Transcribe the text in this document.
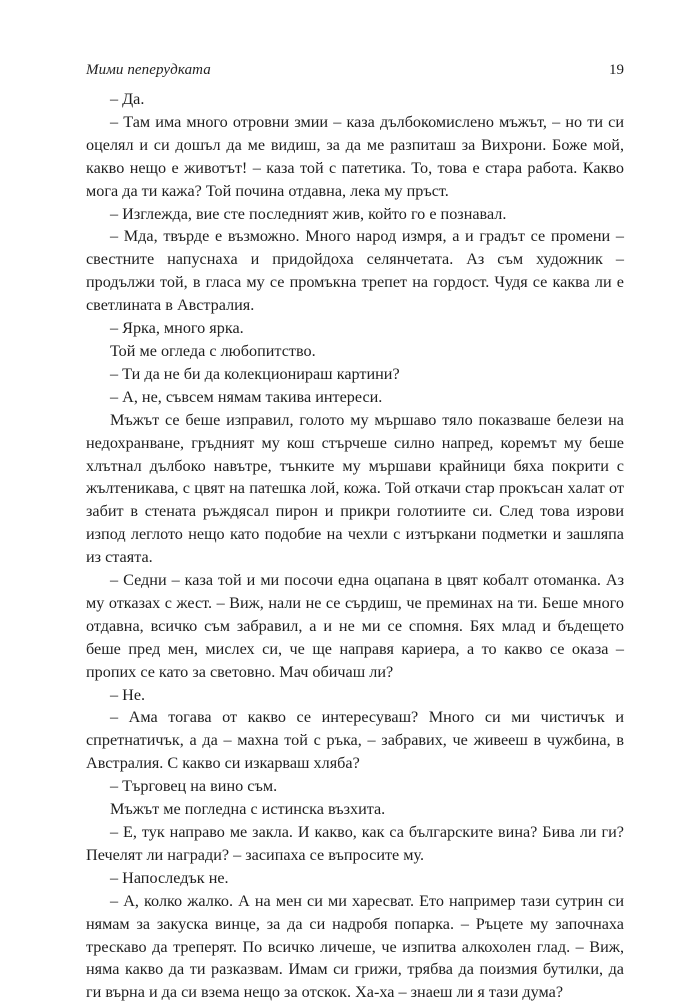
Мими пеперудката	19

– Да.

– Там има много отровни змии – каза дълбокомислено мъжът, – но ти си оцелял и си дошъл да ме видиш, за да ме разпиташ за Вихрони. Боже мой, какво нещо е животът! – каза той с патетика. То, това е стара работа. Какво мога да ти кажа? Той почина отдавна, лека му пръст.

– Изглежда, вие сте последният жив, който го е познавал.

– Мда, твърде е възможно. Много народ измря, а и градът се промени – свестните напуснаха и придойдоха селянчетата. Аз съм художник – продължи той, в гласа му се промъкна трепет на гордост. Чудя се каква ли е светлината в Австралия.

– Ярка, много ярка.

Той ме огледа с любопитство.

– Ти да не би да колекционираш картини?

– А, не, съвсем нямам такива интереси.

Мъжът се беше изправил, голото му мършаво тяло показваше белези на недохранване, гръдният му кош стърчеше силно напред, коремът му беше хлътнал дълбоко навътре, тънките му мършави крайници бяха покрити с жълтеникава, с цвят на патешка лой, кожа. Той откачи стар прокъсан халат от забит в стената ръждясал пирон и прикри голотиите си. След това изрови изпод леглото нещо като подобие на чехли с изтъркани подметки и зашляпа из стаята.

– Седни – каза той и ми посочи една оцапана в цвят кобалт отоманка. Аз му отказах с жест. – Виж, нали не се сърдиш, че преминах на ти. Беше много отдавна, всичко съм забравил, а и не ми се спомня. Бях млад и бъдещето беше пред мен, мислех си, че ще направя кариера, а то какво се оказа – пропих се като за световно. Мач обичаш ли?

– Не.

– Ама тогава от какво се интересуваш? Много си ми чистичък и спретнатичък, а да – махна той с ръка, – забравих, че живееш в чужбина, в Австралия. С какво си изкарваш хляба?

– Търговец на вино съм.

Мъжът ме погледна с истинска възхита.

– Е, тук направо ме закла. И какво, как са българските вина? Бива ли ги? Печелят ли награди? – засипаха се въпросите му.

– Напоследък не.

– А, колко жалко. А на мен си ми харесват. Ето например тази сутрин си нямам за закуска винце, за да си надробя попарка. – Ръцете му започнаха трескаво да треперят. По всичко личеше, че изпитва алкохолен глад. – Виж, няма какво да ти разказвам. Имам си грижи, трябва да поизмия бутилки, да ги върна и да си взема нещо за отскок. Ха-ха – знаеш ли я тази дума?
